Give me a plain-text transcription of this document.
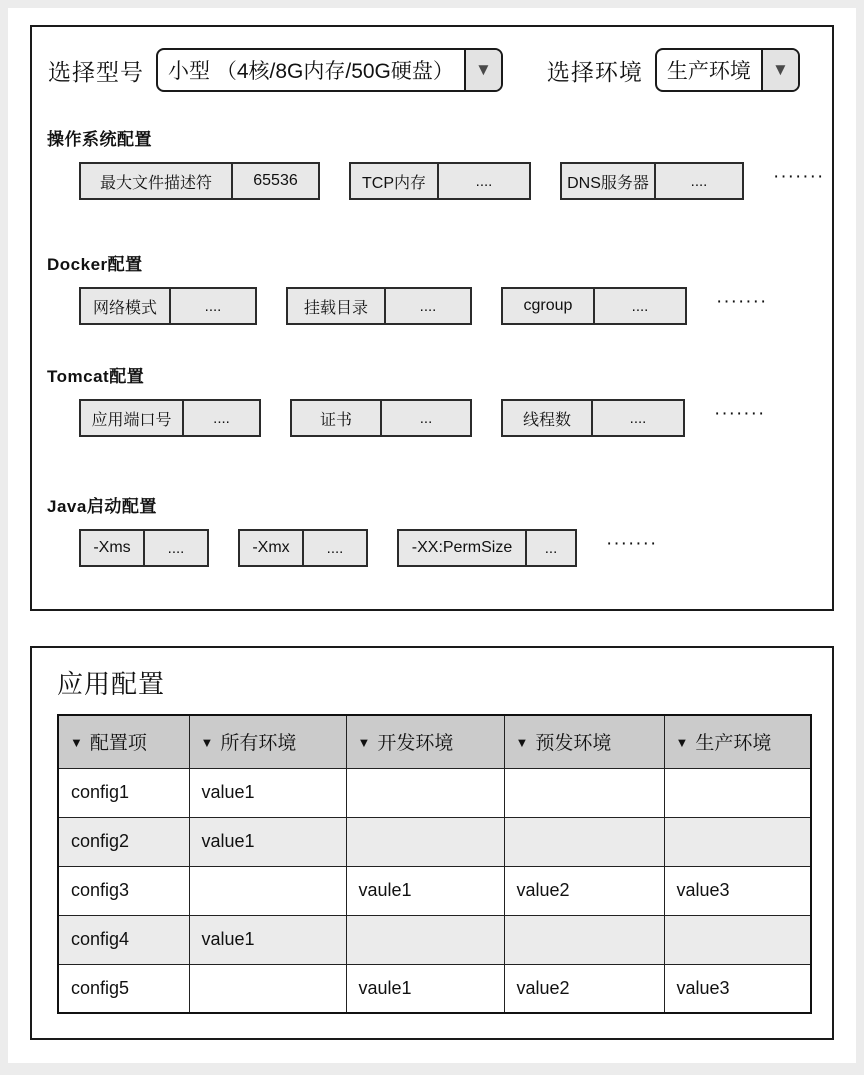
选择型号	小型 （4核/8G内存/50G硬盘）	▼	选择环境	生产环境	▼
操作系统配置
最大文件描述符	65536	TCP内存	....	DNS服务器	....	·······
Docker配置
网络模式	....	挂载目录	....	cgroup	....	·······
Tomcat配置
应用端口号	....	证书	...	线程数	....	·······
Java启动配置
-Xms	....	-Xmx	....	-XX:PermSize	...	·······
应用配置
▼ 配置项	▼ 所有环境	▼ 开发环境	▼ 预发环境	▼ 生产环境
config1	value1			
config2	value1			
config3		vaule1	value2	value3
config4	value1			
config5		vaule1	value2	value3
